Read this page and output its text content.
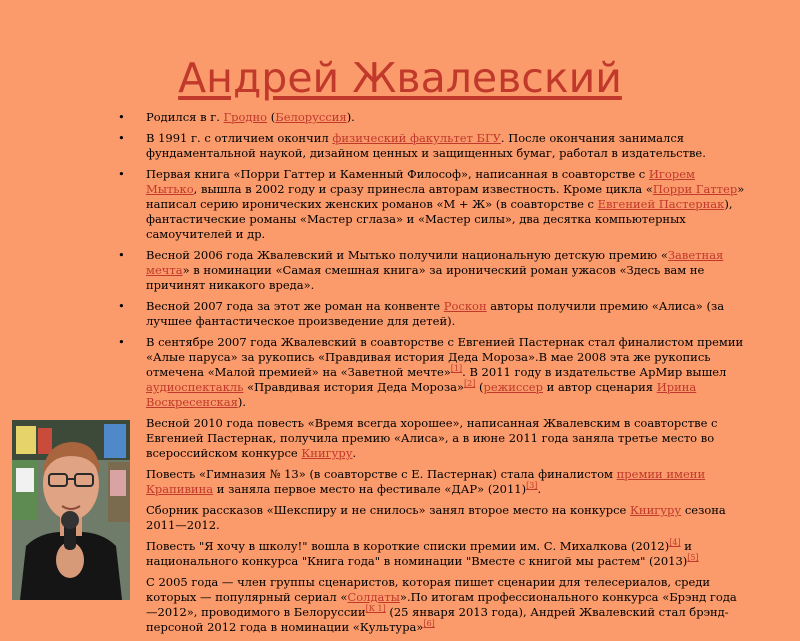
Андрей Жвалевский
• Родился в г. Гродно (Белоруссия).
• В 1991 г. с отличием окончил физический факультет БГУ. После окончания занимался фундаментальной наукой, дизайном ценных и защищенных бумаг, работал в издательстве.
• Первая книга «Порри Гаттер и Каменный Философ», написанная в соавторстве с Игорем Мытько, вышла в 2002 году и сразу принесла авторам известность. Кроме цикла «Порри Гаттер» написал серию иронических женских романов «М + Ж» (в соавторстве с Евгенией Пастернак), фантастические романы «Мастер сглаза» и «Мастер силы», два десятка компьютерных самоучителей и др.
• Весной 2006 года Жвалевский и Мытько получили национальную детскую премию «Заветная мечта» в номинации «Самая смешная книга» за иронический роман ужасов «Здесь вам не причинят никакого вреда».
• Весной 2007 года за этот же роман на конвенте Роскон авторы получили премию «Алиса» (за лучшее фантастическое произведение для детей).
• В сентябре 2007 года Жвалевский в соавторстве с Евгенией Пастернак стал финалистом премии «Алые паруса» за рукопись «Правдивая история Деда Мороза».В мае 2008 эта же рукопись отмечена «Малой премией» на «Заветной мечте»[1]. В 2011 году в издательстве АрМир вышел аудиоспектакль «Правдивая история Деда Мороза»[2] (режиссер и автор сценария Ирина Воскресенская).
Весной 2010 года повесть «Время всегда хорошее», написанная Жвалевским в соавторстве с Евгенией Пастернак, получила премию «Алиса», а в июне 2011 года заняла третье место во всероссийском конкурсе Книгуру.
Повесть «Гимназия № 13» (в соавторстве с Е. Пастернак) стала финалистом премии имени Крапивина и заняла первое место на фестивале «ДАР» (2011)[3].
Сборник рассказов «Шекспиру и не снилось» занял второе место на конкурсе Книгуру сезона 2011—2012.
Повесть "Я хочу в школу!" вошла в короткие списки премии им. С. Михалкова (2012)[4] и национального конкурса "Книга года" в номинации "Вместе с книгой мы растем" (2013)[5]
С 2005 года — член группы сценаристов, которая пишет сценарии для телесериалов, среди которых — популярный сериал «Солдаты».По итогам профессионального конкурса «Брэнд года—2012», проводимого в Белоруссии[К 1] (25 января 2013 года), Андрей Жвалевский стал брэнд-персоной 2012 года в номинации «Культура»[6]
